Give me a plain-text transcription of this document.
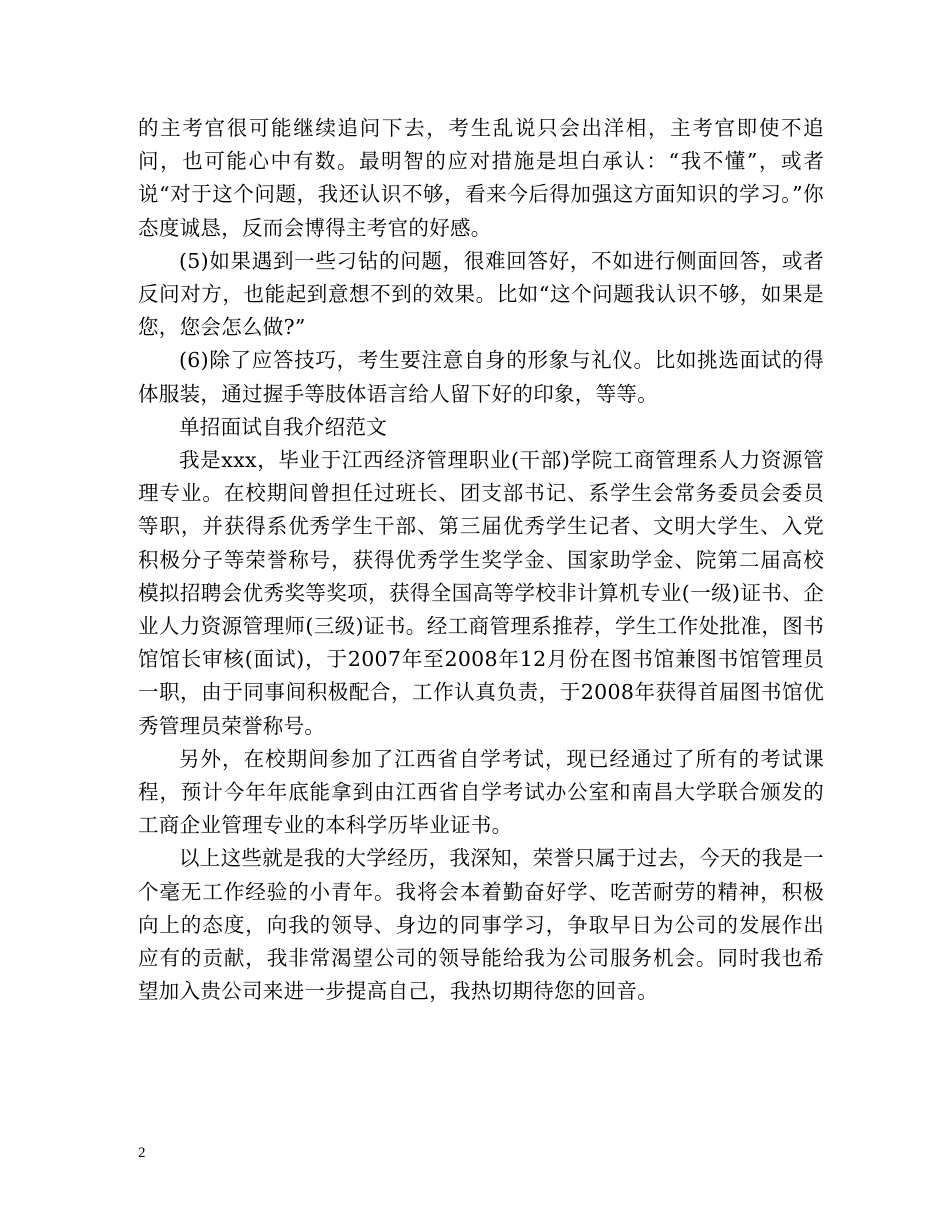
的主考官很可能继续追问下去，考生乱说只会出洋相，主考官即使不追问，也可能心中有数。最明智的应对措施是坦白承认：“我不懂”，或者说“对于这个问题，我还认识不够，看来今后得加强这方面知识的学习。”你态度诚恳，反而会博得主考官的好感。

(5)如果遇到一些刁钻的问题，很难回答好，不如进行侧面回答，或者反问对方，也能起到意想不到的效果。比如“这个问题我认识不够，如果是您，您会怎么做?”

(6)除了应答技巧，考生要注意自身的形象与礼仪。比如挑选面试的得体服装，通过握手等肢体语言给人留下好的印象，等等。

单招面试自我介绍范文

我是xxx，毕业于江西经济管理职业(干部)学院工商管理系人力资源管理专业。在校期间曾担任过班长、团支部书记、系学生会常务委员会委员等职，并获得系优秀学生干部、第三届优秀学生记者、文明大学生、入党积极分子等荣誉称号，获得优秀学生奖学金、国家助学金、院第二届高校模拟招聘会优秀奖等奖项，获得全国高等学校非计算机专业(一级)证书、企业人力资源管理师(三级)证书。经工商管理系推荐，学生工作处批准，图书馆馆长审核(面试)，于2007年至2008年12月份在图书馆兼图书馆管理员一职，由于同事间积极配合，工作认真负责，于2008年获得首届图书馆优秀管理员荣誉称号。

另外，在校期间参加了江西省自学考试，现已经通过了所有的考试课程，预计今年年底能拿到由江西省自学考试办公室和南昌大学联合颁发的工商企业管理专业的本科学历毕业证书。

以上这些就是我的大学经历，我深知，荣誉只属于过去，今天的我是一个毫无工作经验的小青年。我将会本着勤奋好学、吃苦耐劳的精神，积极向上的态度，向我的领导、身边的同事学习，争取早日为公司的发展作出应有的贡献，我非常渴望公司的领导能给我为公司服务机会。同时我也希望加入贵公司来进一步提高自己，我热切期待您的回音。

2
